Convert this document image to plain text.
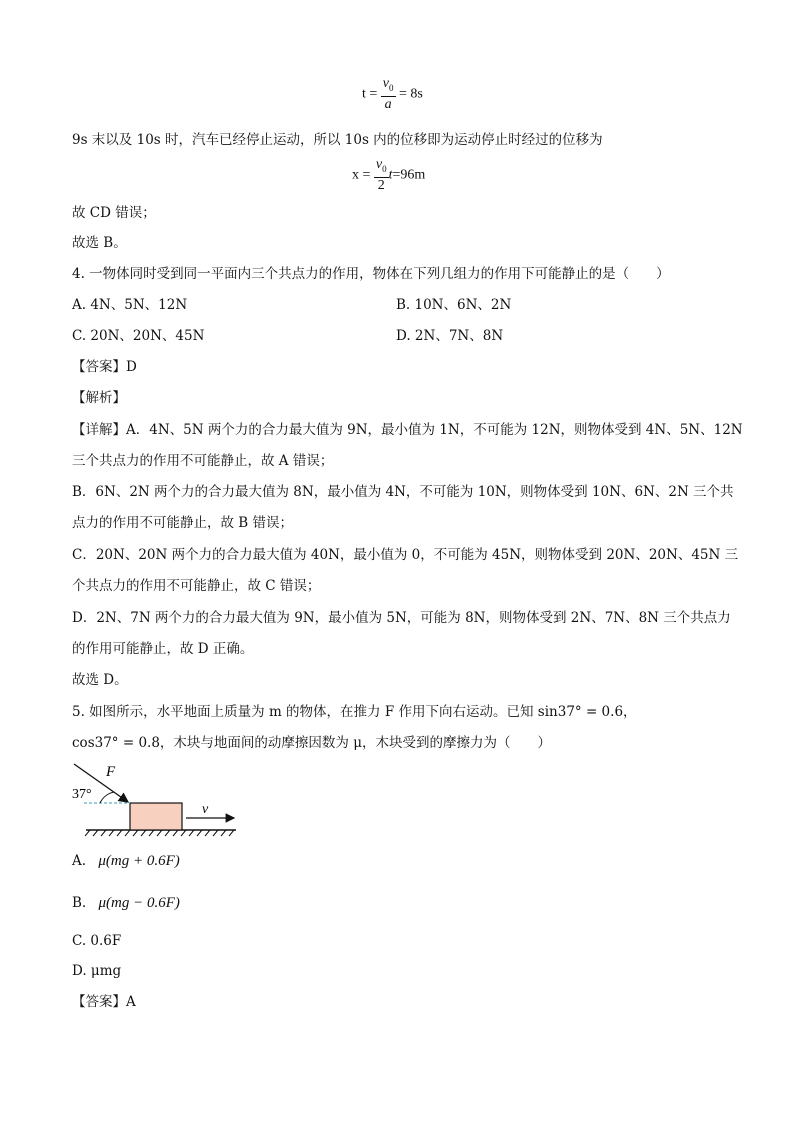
$t = \frac{v_0}{a} = 8s$
9s 末以及 10s 时，汽车已经停止运动，所以 10s 内的位移即为运动停止时经过的位移为
$x = \frac{v_0}{2} t=96m$
故 CD 错误；
故选 B。
4. 一物体同时受到同一平面内三个共点力的作用，物体在下列几组力的作用下可能静止的是（　　）
A. 4N、5N、12N	B. 10N、6N、2N
C. 20N、20N、45N	D. 2N、7N、8N
【答案】D
【解析】
【详解】A．4N、5N 两个力的合力最大值为 9N，最小值为 1N，不可能为 12N，则物体受到 4N、5N、12N
三个共点力的作用不可能静止，故 A 错误；
B．6N、2N 两个力的合力最大值为 8N，最小值为 4N，不可能为 10N，则物体受到 10N、6N、2N 三个共
点力的作用不可能静止，故 B 错误；
C．20N、20N 两个力的合力最大值为 40N，最小值为 0，不可能为 45N，则物体受到 20N、20N、45N 三
个共点力的作用不可能静止，故 C 错误；
D．2N、7N 两个力的合力最大值为 9N，最小值为 5N，可能为 8N，则物体受到 2N、7N、8N 三个共点力
的作用可能静止，故 D 正确。
故选 D。
5. 如图所示，水平地面上质量为 m 的物体，在推力 F 作用下向右运动。已知 sin37° = 0.6，
cos37° = 0.8，木块与地面间的动摩擦因数为 μ，木块受到的摩擦力为（　　）
F
37°
v
A. μ(mg + 0.6F)
B. μ(mg − 0.6F)
C. 0.6F
D. μmg
【答案】A
